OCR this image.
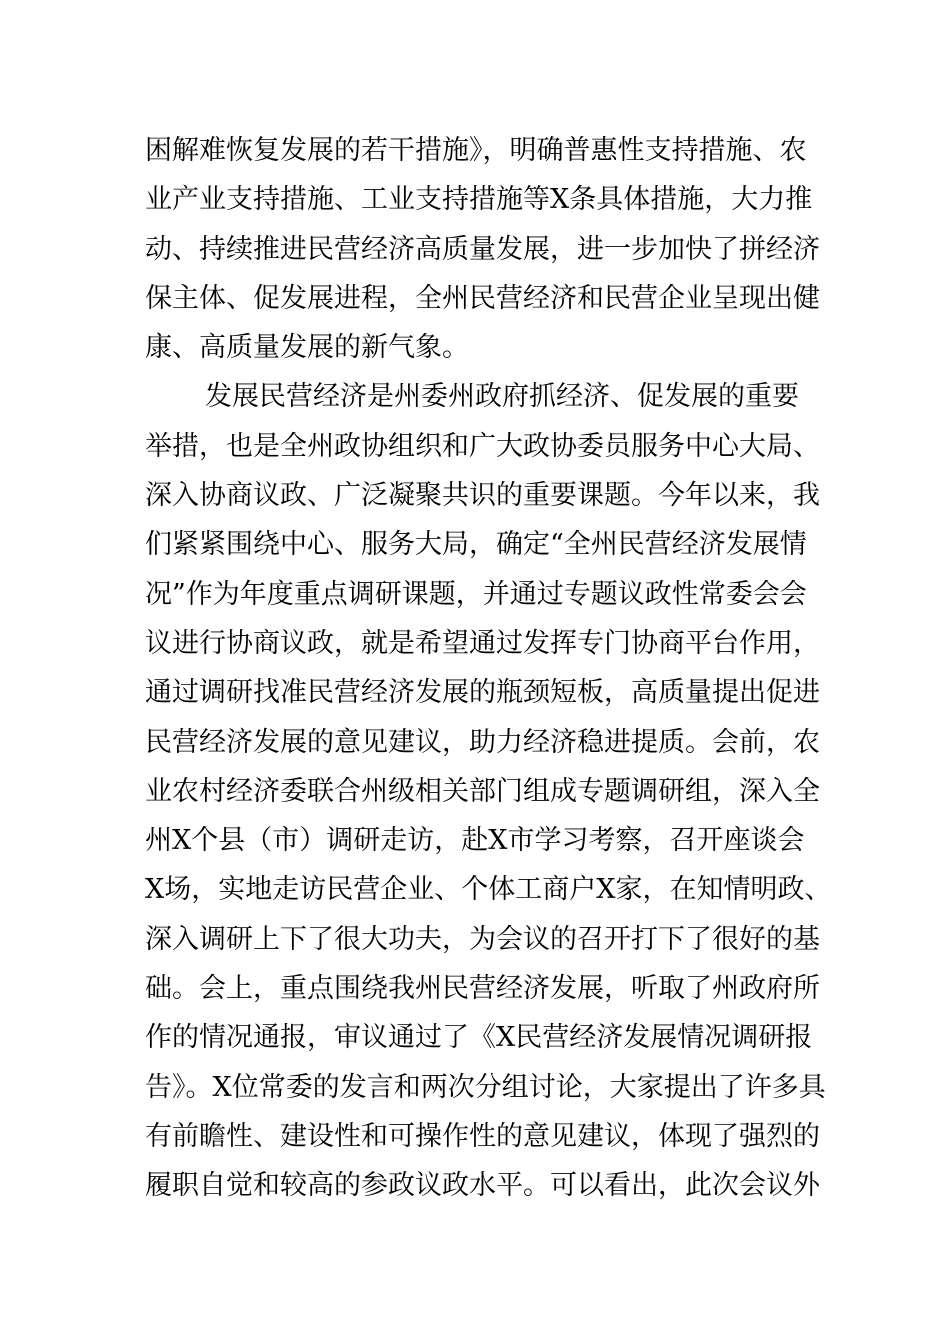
困解难恢复发展的若干措施》，明确普惠性支持措施、农
业产业支持措施、工业支持措施等X条具体措施，大力推
动、持续推进民营经济高质量发展，进一步加快了拼经济
保主体、促发展进程，全州民营经济和民营企业呈现出健
康、高质量发展的新气象。
发展民营经济是州委州政府抓经济、促发展的重要
举措，也是全州政协组织和广大政协委员服务中心大局、
深入协商议政、广泛凝聚共识的重要课题。今年以来，我
们紧紧围绕中心、服务大局，确定“全州民营经济发展情
况”作为年度重点调研课题，并通过专题议政性常委会会
议进行协商议政，就是希望通过发挥专门协商平台作用，
通过调研找准民营经济发展的瓶颈短板，高质量提出促进
民营经济发展的意见建议，助力经济稳进提质。会前，农
业农村经济委联合州级相关部门组成专题调研组，深入全
州X个县（市）调研走访，赴X市学习考察，召开座谈会
X场，实地走访民营企业、个体工商户X家，在知情明政、
深入调研上下了很大功夫，为会议的召开打下了很好的基
础。会上，重点围绕我州民营经济发展，听取了州政府所
作的情况通报，审议通过了《X民营经济发展情况调研报
告》。X位常委的发言和两次分组讨论，大家提出了许多具
有前瞻性、建设性和可操作性的意见建议，体现了强烈的
履职自觉和较高的参政议政水平。可以看出，此次会议外
